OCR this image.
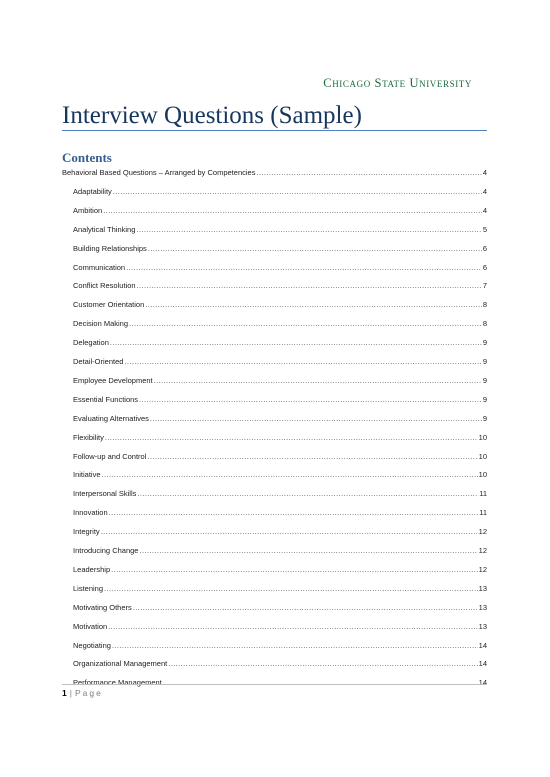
Chicago State University
Interview Questions (Sample)
Contents
Behavioral Based Questions – Arranged by Competencies .....	4
Adaptability .....	4
Ambition .....	4
Analytical Thinking .....	5
Building Relationships .....	6
Communication .....	6
Conflict Resolution .....	7
Customer Orientation .....	8
Decision Making .....	8
Delegation .....	9
Detail-Oriented .....	9
Employee Development .....	9
Essential Functions .....	9
Evaluating Alternatives .....	9
Flexibility .....	10
Follow-up and Control .....	10
Initiative .....	10
Interpersonal Skills .....	11
Innovation .....	11
Integrity .....	12
Introducing Change .....	12
Leadership .....	12
Listening .....	13
Motivating Others .....	13
Motivation .....	13
Negotiating .....	14
Organizational Management .....	14
Performance Management .....	14
1 | Page
